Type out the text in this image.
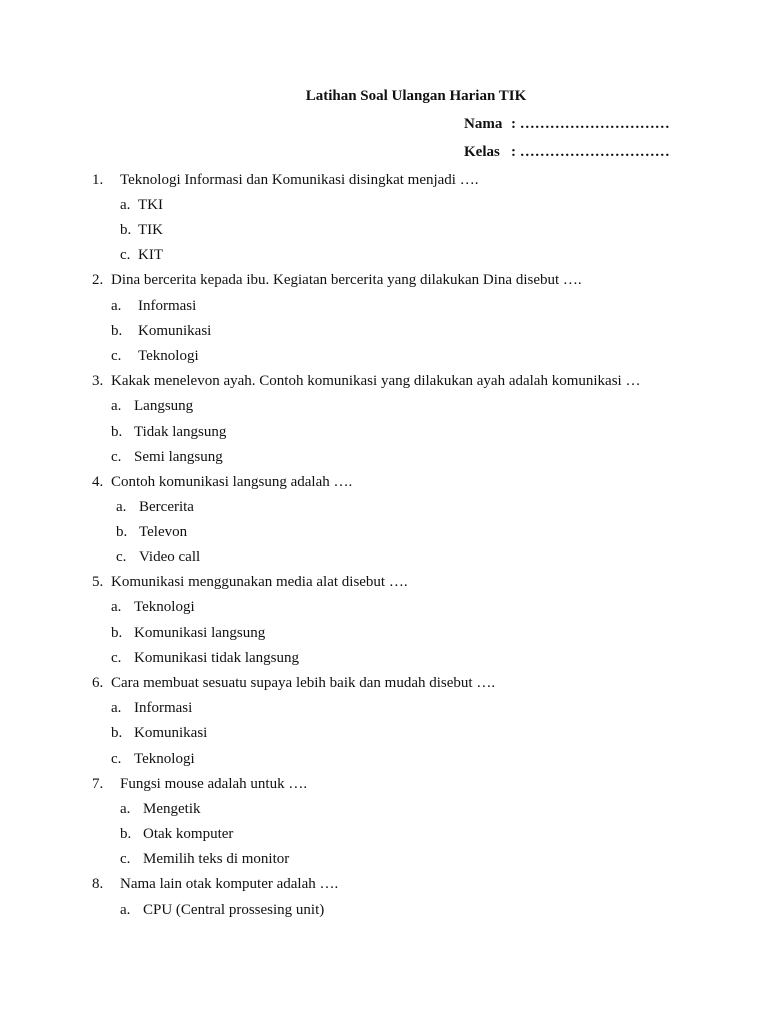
Latihan Soal Ulangan Harian TIK
Nama : …………………………
Kelas : …………………………
1. Teknologi Informasi dan Komunikasi disingkat menjadi ….
a. TKI
b. TIK
c. KIT
2. Dina bercerita kepada ibu. Kegiatan bercerita yang dilakukan Dina disebut ….
a. Informasi
b. Komunikasi
c. Teknologi
3. Kakak menelevon ayah. Contoh komunikasi yang dilakukan ayah adalah komunikasi …
a. Langsung
b. Tidak langsung
c. Semi langsung
4. Contoh komunikasi langsung adalah ….
a. Bercerita
b. Televon
c. Video call
5. Komunikasi menggunakan media alat disebut ….
a. Teknologi
b. Komunikasi langsung
c. Komunikasi tidak langsung
6. Cara membuat sesuatu supaya lebih baik dan mudah disebut ….
a. Informasi
b. Komunikasi
c. Teknologi
7. Fungsi mouse adalah untuk ….
a. Mengetik
b. Otak komputer
c. Memilih teks di monitor
8. Nama lain otak komputer adalah ….
a. CPU (Central prossesing unit)
